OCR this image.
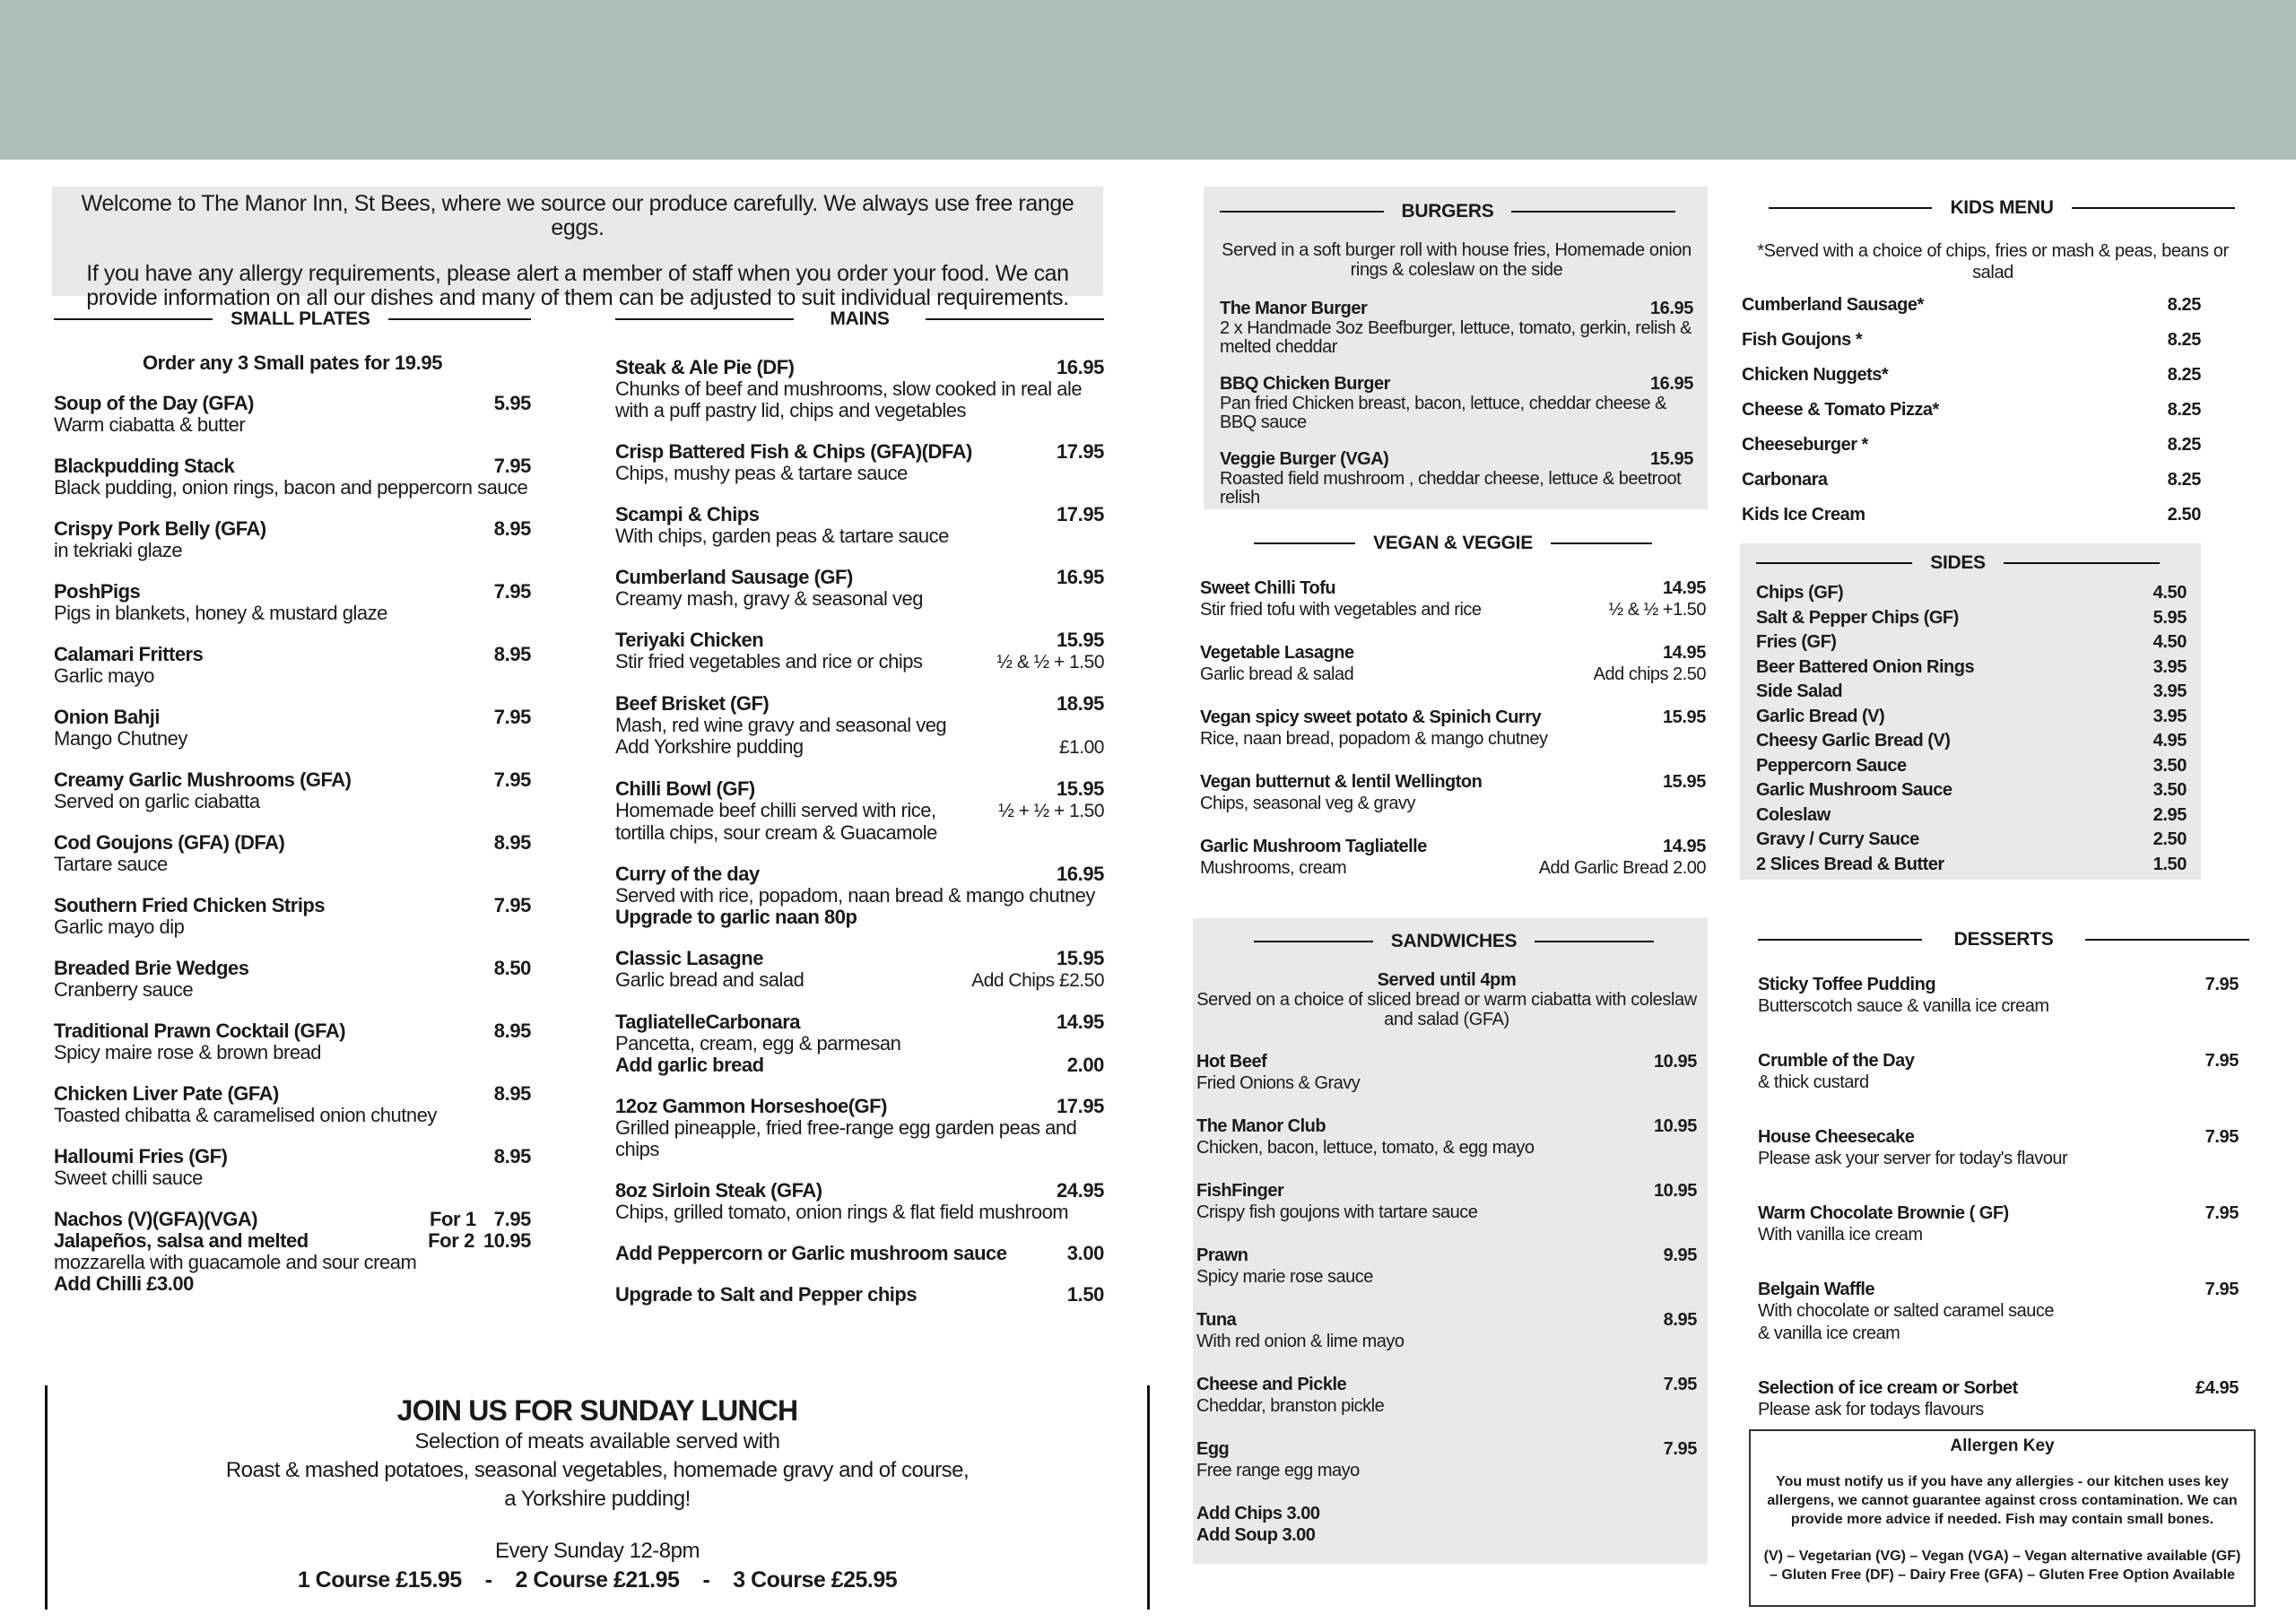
Welcome to The Manor Inn, St Bees, where we source our produce carefully. We always use free range eggs.

If you have any allergy requirements, please alert a member of staff when you order your food. We can provide information on all our dishes and many of them can be adjusted to suit individual requirements.

SMALL PLATES
Order any 3 Small pates for 19.95
Soup of the Day (GFA)	5.95
Warm ciabatta & butter
Blackpudding Stack	7.95
Black pudding, onion rings, bacon and peppercorn sauce
Crispy Pork Belly (GFA)	8.95
in tekriaki glaze
PoshPigs	7.95
Pigs in blankets, honey & mustard glaze
Calamari Fritters	8.95
Garlic mayo
Onion Bahji	7.95
Mango Chutney
Creamy Garlic Mushrooms (GFA)	7.95
Served on garlic ciabatta
Cod Goujons (GFA) (DFA)	8.95
Tartare sauce
Southern Fried Chicken Strips	7.95
Garlic mayo dip
Breaded Brie Wedges	8.50
Cranberry sauce
Traditional Prawn Cocktail (GFA)	8.95
Spicy maire rose & brown bread
Chicken Liver Pate (GFA)	8.95
Toasted chibatta & caramelised onion chutney
Halloumi Fries (GF)	8.95
Sweet chilli sauce
Nachos (V)(GFA)(VGA)	For 1 7.95
Jalapeños, salsa and melted	For 2 10.95
mozzarella with guacamole and sour cream
Add Chilli £3.00
MAINS
Steak & Ale Pie (DF)	16.95
Chunks of beef and mushrooms, slow cooked in real ale with a puff pastry lid, chips and vegetables
Crisp Battered Fish & Chips (GFA)(DFA)	17.95
Chips, mushy peas & tartare sauce
Scampi & Chips	17.95
With chips, garden peas & tartare sauce
Cumberland Sausage (GF)	16.95
Creamy mash, gravy & seasonal veg
Teriyaki Chicken	15.95
Stir fried vegetables and rice or chips	½ & ½ + 1.50
Beef Brisket (GF)	18.95
Mash, red wine gravy and seasonal veg
Add Yorkshire pudding	£1.00
Chilli Bowl (GF)	15.95
Homemade beef chilli served with rice,	½ + ½ + 1.50
tortilla chips, sour cream & Guacamole
Curry of the day	16.95
Served with rice, popadom, naan bread & mango chutney
Upgrade to garlic naan 80p
Classic Lasagne	15.95
Garlic bread and salad	Add Chips £2.50
TagliatelleCarbonara	14.95
Pancetta, cream, egg & parmesan
Add garlic bread	2.00
12oz Gammon Horseshoe(GF)	17.95
Grilled pineapple, fried free-range egg garden peas and chips
8oz Sirloin Steak (GFA)	24.95
Chips, grilled tomato, onion rings & flat field mushroom
Add Peppercorn or Garlic mushroom sauce	3.00
Upgrade to Salt and Pepper chips	1.50
JOIN US FOR SUNDAY LUNCH
Selection of meats available served with
Roast & mashed potatoes, seasonal vegetables, homemade gravy and of course,
a Yorkshire pudding!
Every Sunday 12-8pm
1 Course £15.95 - 2 Course £21.95 - 3 Course £25.95
BURGERS
Served in a soft burger roll with house fries, Homemade onion rings & coleslaw on the side
The Manor Burger	16.95
2 x Handmade 3oz Beefburger, lettuce, tomato, gerkin, relish & melted cheddar
BBQ Chicken Burger	16.95
Pan fried Chicken breast, bacon, lettuce, cheddar cheese & BBQ sauce
Veggie Burger (VGA)	15.95
Roasted field mushroom , cheddar cheese, lettuce & beetroot relish
VEGAN & VEGGIE
Sweet Chilli Tofu	14.95
Stir fried tofu with vegetables and rice	½ & ½ +1.50
Vegetable Lasagne	14.95
Garlic bread & salad	Add chips 2.50
Vegan spicy sweet potato & Spinich Curry	15.95
Rice, naan bread, popadom & mango chutney
Vegan butternut & lentil Wellington	15.95
Chips, seasonal veg & gravy
Garlic Mushroom Tagliatelle	14.95
Mushrooms, cream	Add Garlic Bread 2.00
SANDWICHES
Served until 4pm
Served on a choice of sliced bread or warm ciabatta with coleslaw and salad (GFA)
Hot Beef	10.95
Fried Onions & Gravy
The Manor Club	10.95
Chicken, bacon, lettuce, tomato, & egg mayo
FishFinger	10.95
Crispy fish goujons with tartare sauce
Prawn	9.95
Spicy marie rose sauce
Tuna	8.95
With red onion & lime mayo
Cheese and Pickle	7.95
Cheddar, branston pickle
Egg	7.95
Free range egg mayo
Add Chips 3.00
Add Soup 3.00
KIDS MENU
*Served with a choice of chips, fries or mash & peas, beans or salad
Cumberland Sausage*	8.25
Fish Goujons *	8.25
Chicken Nuggets*	8.25
Cheese & Tomato Pizza*	8.25
Cheeseburger *	8.25
Carbonara	8.25
Kids Ice Cream	2.50
SIDES
Chips (GF)	4.50
Salt & Pepper Chips (GF)	5.95
Fries (GF)	4.50
Beer Battered Onion Rings	3.95
Side Salad	3.95
Garlic Bread (V)	3.95
Cheesy Garlic Bread (V)	4.95
Peppercorn Sauce	3.50
Garlic Mushroom Sauce	3.50
Coleslaw	2.95
Gravy / Curry Sauce	2.50
2 Slices Bread & Butter	1.50
DESSERTS
Sticky Toffee Pudding	7.95
Butterscotch sauce & vanilla ice cream
Crumble of the Day	7.95
& thick custard
House Cheesecake	7.95
Please ask your server for today's flavour
Warm Chocolate Brownie ( GF)	7.95
With vanilla ice cream
Belgain Waffle	7.95
With chocolate or salted caramel sauce
& vanilla ice cream
Selection of ice cream or Sorbet	£4.95
Please ask for todays flavours
Allergen Key
You must notify us if you have any allergies - our kitchen uses key allergens, we cannot guarantee against cross contamination. We can provide more advice if needed. Fish may contain small bones.
(V) – Vegetarian (VG) – Vegan (VGA) – Vegan alternative available (GF) – Gluten Free (DF) – Dairy Free (GFA) – Gluten Free Option Available
